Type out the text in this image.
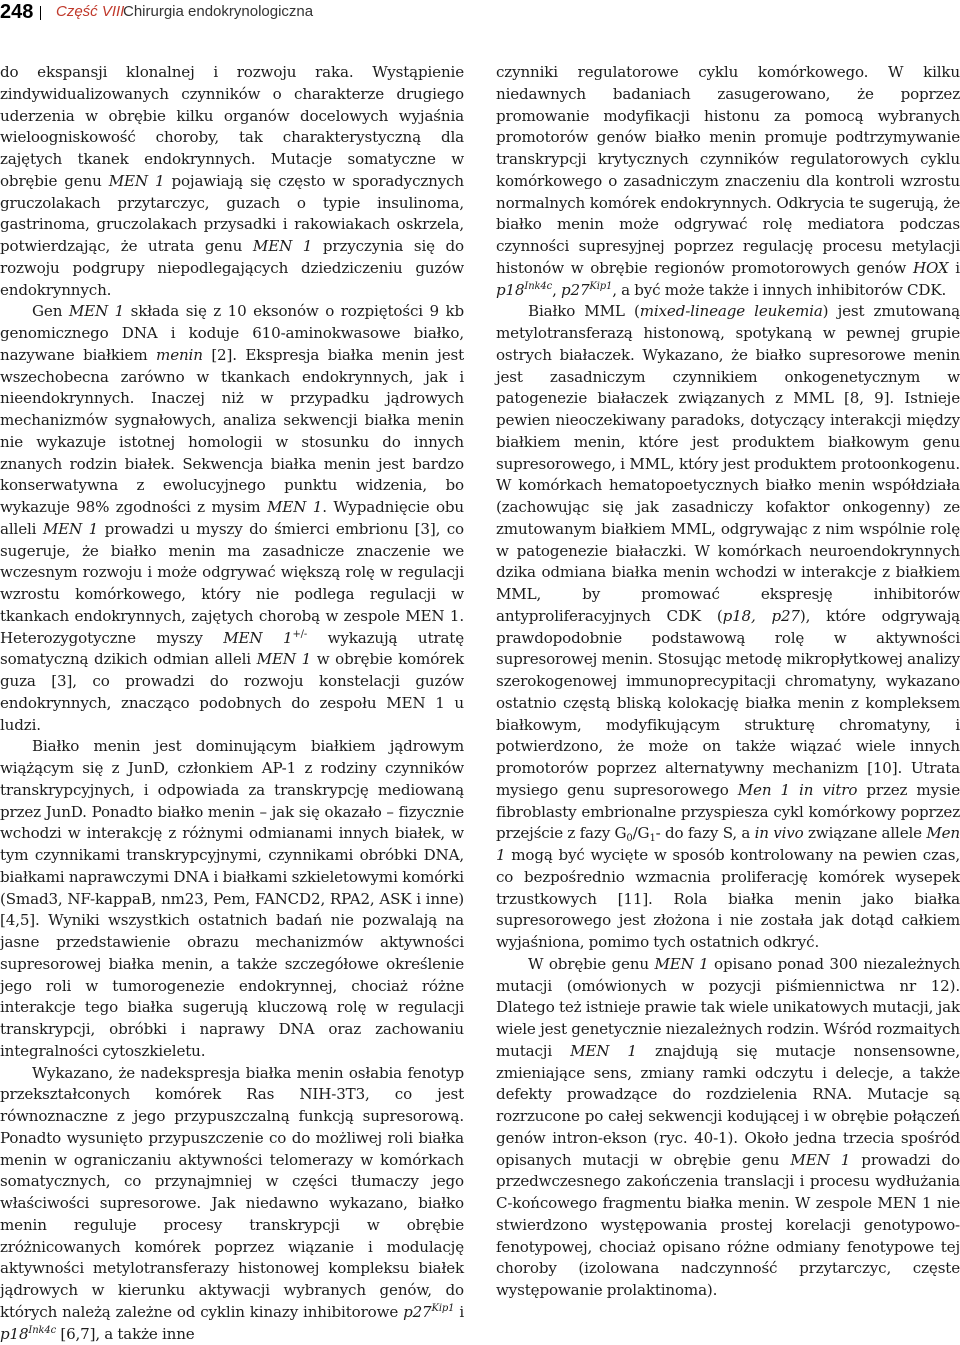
248 Część VIII
Chirurgia endokrynologiczna

do ekspansji klonalnej i rozwoju raka. Wystąpienie zindywidualizowanych czynników o charakterze drugiego uderzenia w obrębie kilku organów docelowych wyjaśnia wieloogniskowość choroby, tak charakterystyczną dla zajętych tkanek endokrynnych. Mutacje somatyczne w obrębie genu MEN 1 pojawiają się często w sporadycznych gruczolakach przytarczyc, guzach o typie insulinoma, gastrinoma, gruczolakach przysadki i rakowiakach oskrzela, potwierdzając, że utrata genu MEN 1 przyczynia się do rozwoju podgrupy niepodlegających dziedziczeniu guzów endokrynnych.

Gen MEN 1 składa się z 10 eksonów o rozpiętości 9 kb genomicznego DNA i koduje 610-aminokwasowe białko, nazywane białkiem menin [2]. Ekspresja białka menin jest wszechobecna zarówno w tkankach endokrynnych, jak i nieendokrynnych. Inaczej niż w przypadku jądrowych mechanizmów sygnałowych, analiza sekwencji białka menin nie wykazuje istotnej homologii w stosunku do innych znanych rodzin białek. Sekwencja białka menin jest bardzo konserwatywna z ewolucyjnego punktu widzenia, bo wykazuje 98% zgodności z mysim MEN 1. Wypadnięcie obu alleli MEN 1 prowadzi u myszy do śmierci embrionu [3], co sugeruje, że białko menin ma zasadnicze znaczenie we wczesnym rozwoju i może odgrywać większą rolę w regulacji wzrostu komórkowego, który nie podlega regulacji w tkankach endokrynnych, zajętych chorobą w zespole MEN 1. Heterozygotyczne myszy MEN 1+/- wykazują utratę somatyczną dzikich odmian alleli MEN 1 w obrębie komórek guza [3], co prowadzi do rozwoju konstelacji guzów endokrynnych, znacząco podobnych do zespołu MEN 1 u ludzi.

Białko menin jest dominującym białkiem jądrowym wiążącym się z JunD, członkiem AP-1 z rodziny czynników transkrypcyjnych, i odpowiada za transkrypcję mediowaną przez JunD. Ponadto białko menin – jak się okazało – fizycznie wchodzi w interakcję z różnymi odmianami innych białek, w tym czynnikami transkrypcyjnymi, czynnikami obróbki DNA, białkami naprawczymi DNA i białkami szkieletowymi komórki (Smad3, NF-kappaB, nm23, Pem, FANCD2, RPA2, ASK i inne) [4,5]. Wyniki wszystkich ostatnich badań nie pozwalają na jasne przedstawienie obrazu mechanizmów aktywności supresorowej białka menin, a także szczegółowe określenie jego roli w tumorogenezie endokrynnej, chociaż różne interakcje tego białka sugerują kluczową rolę w regulacji transkrypcji, obróbki i naprawy DNA oraz zachowaniu integralności cytoszkieletu.

Wykazano, że nadekspresja białka menin osłabia fenotyp przekształconych komórek Ras NIH-3T3, co jest równoznaczne z jego przypuszczalną funkcją supresorową. Ponadto wysunięto przypuszczenie co do możliwej roli białka menin w ograniczaniu aktywności telomerazy w komórkach somatycznych, co przynajmniej w części tłumaczy jego właściwości supresorowe. Jak niedawno wykazano, białko menin reguluje procesy transkrypcji w obrębie zróżnicowanych komórek poprzez wiązanie i modulację aktywności metylotransferazy histonowej kompleksu białek jądrowych w kierunku aktywacji wybranych genów, do których należą zależne od cyklin kinazy inhibitorowe $p27^{Kip1}$ i $p18^{Ink4c}$ [6,7], a także inne

czynniki regulatorowe cyklu komórkowego. W kilku niedawnych badaniach zasugerowano, że poprzez promowanie modyfikacji histonu za pomocą wybranych promotorów genów białko menin promuje podtrzymywanie transkrypcji krytycznych czynników regulatorowych cyklu komórkowego o zasadniczym znaczeniu dla kontroli wzrostu normalnych komórek endokrynnych. Odkrycia te sugerują, że białko menin może odgrywać rolę mediatora podczas czynności supresyjnej poprzez regulację procesu metylacji histonów w obrębie regionów promotorowych genów HOX i $p18^{Ink4c}$, $p27^{Kip1}$, a być może także i innych inhibitorów CDK.

Białko MML (mixed-lineage leukemia) jest zmutowaną metylotransferazą histonową, spotykaną w pewnej grupie ostrych białaczek. Wykazano, że białko supresorowe menin jest zasadniczym czynnikiem onkogenetycznym w patogenezie białaczek związanych z MML [8, 9]. Istnieje pewien nieoczekiwany paradoks, dotyczący interakcji między białkiem menin, które jest produktem białkowym genu supresorowego, i MML, który jest produktem protoonkogenu. W komórkach hematopoetycznych białko menin współdziała (zachowując się jak zasadniczy kofaktor onkogenny) ze zmutowanym białkiem MML, odgrywając z nim wspólnie rolę w patogenezie białaczki. W komórkach neuroendokrynnych dzika odmiana białka menin wchodzi w interakcje z białkiem MML, by promować ekspresję inhibitorów antyproliferacyjnych CDK (p18, p27), które odgrywają prawdopodobnie podstawową rolę w aktywności supresorowej menin. Stosując metodę mikropłytkowej analizy szerokogenowej immunoprecypitacji chromatyny, wykazano ostatnio częstą bliską kolokację białka menin z kompleksem białkowym, modyfikującym strukturę chromatyny, i potwierdzono, że może on także wiązać wiele innych promotorów poprzez alternatywny mechanizm [10]. Utrata mysiego genu supresorowego Men 1 in vitro przez mysie fibroblasty embrionalne przyspiesza cykl komórkowy poprzez przejście z fazy $G_0/G_1-$ do fazy S, a in vivo związane allele Men 1 mogą być wycięte w sposób kontrolowany na pewien czas, co bezpośrednio wzmacnia proliferację komórek wysepek trzustkowych [11]. Rola białka menin jako białka supresorowego jest złożona i nie została jak dotąd całkiem wyjaśniona, pomimo tych ostatnich odkryć.

W obrębie genu MEN 1 opisano ponad 300 niezależnych mutacji (omówionych w pozycji piśmiennictwa nr 12). Dlatego też istnieje prawie tak wiele unikatowych mutacji, jak wiele jest genetycznie niezależnych rodzin. Wśród rozmaitych mutacji MEN 1 znajdują się mutacje nonsensowne, zmieniające sens, zmiany ramki odczytu i delecje, a także defekty prowadzące do rozdzielenia RNA. Mutacje są rozrzucone po całej sekwencji kodującej i w obrębie połączeń genów intron-ekson (ryc. 40-1). Około jedna trzecia spośród opisanych mutacji w obrębie genu MEN 1 prowadzi do przedwczesnego zakończenia translacji i procesu wydłużania C-końcowego fragmentu białka menin. W zespole MEN 1 nie stwierdzono występowania prostej korelacji genotypowo-fenotypowej, chociaż opisano różne odmiany fenotypowe tej choroby (izolowana nadczynność przytarczyc, częste występowanie prolaktinoma).
